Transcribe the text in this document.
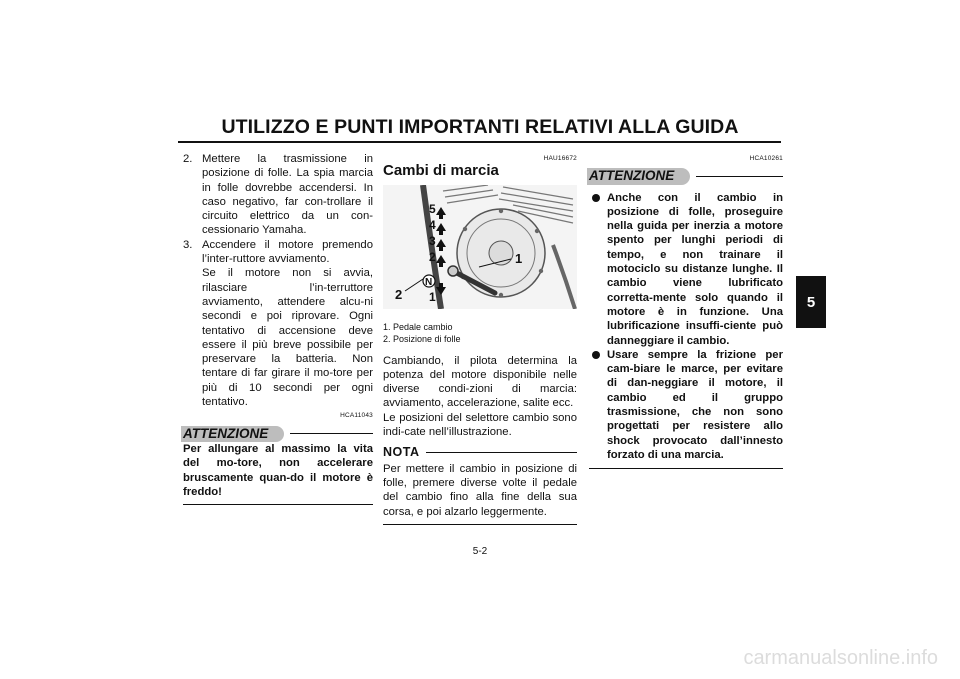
UTILIZZO E PUNTI IMPORTANTI RELATIVI ALLA GUIDA
5
2. Mettere la trasmissione in posizione di folle. La spia marcia in folle dovrebbe accendersi. In caso negativo, far con-trollare il circuito elettrico da un con-cessionario Yamaha.
3. Accendere il motore premendo l’inter-ruttore avviamento.
Se il motore non si avvia, rilasciare l’in-terruttore avviamento, attendere alcu-ni secondi e poi riprovare. Ogni tentativo di accensione deve essere il più breve possibile per preservare la batteria. Non tentare di far girare il mo-tore per più di 10 secondi per ogni tentativo.
HCA11043
ATTENZIONE

Per allungare al massimo la vita del mo-tore, non accelerare bruscamente quan-do il motore è freddo!

HAU16672
Cambi di marcia
5
4
3
2
N
1
1
2
1. Pedale cambio
2. Posizione di folle

Cambiando, il pilota determina la potenza del motore disponibile nelle diverse condi-zioni di marcia: avviamento, accelerazione, salite ecc.

Le posizioni del selettore cambio sono indi-cate nell’illustrazione.

NOTA

Per mettere il cambio in posizione di folle, premere diverse volte il pedale del cambio fino alla fine della sua corsa, e poi alzarlo leggermente.

HCA10261
ATTENZIONE
Anche con il cambio in posizione di folle, proseguire nella guida per inerzia a motore spento per lunghi periodi di tempo, e non trainare il motociclo su distanze lunghe. Il cambio viene lubrificato corretta-mente solo quando il motore è in funzione. Una lubrificazione insuffi-ciente può danneggiare il cambio.
Usare sempre la frizione per cam-biare le marce, per evitare di dan-neggiare il motore, il cambio ed il gruppo trasmissione, che non sono progettati per resistere allo shock provocato dall’innesto forzato di una marcia.
5-2
carmanualsonline.info
